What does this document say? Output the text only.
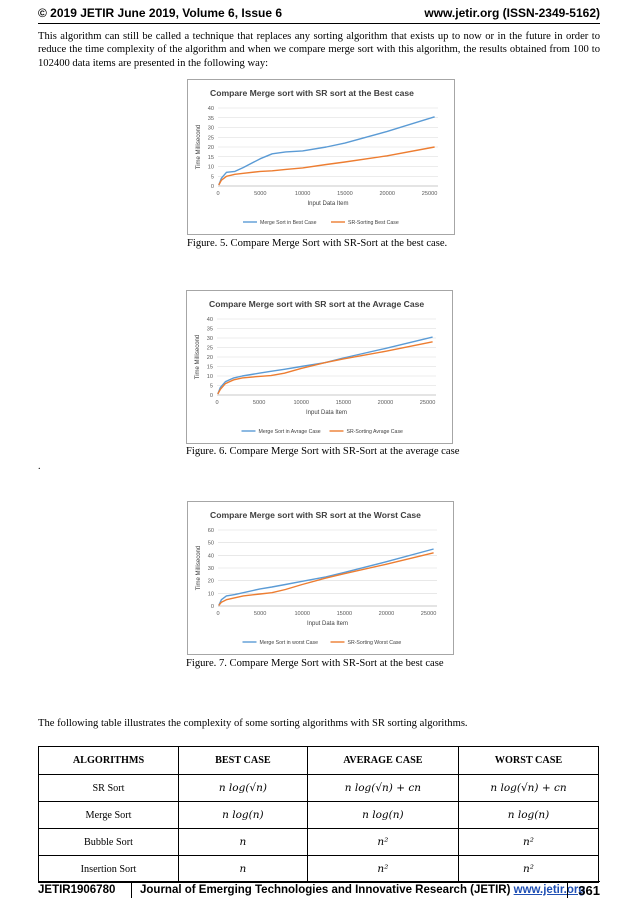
© 2019 JETIR June 2019, Volume 6, Issue 6	www.jetir.org (ISSN-2349-5162)
This algorithm can still be called a technique that replaces any sorting algorithm that exists up to now or in the future in order to reduce the time complexity of the algorithm and when we compare merge sort with this algorithm, the results obtained from 100 to 102400 data items are presented in the following way:
Compare Merge sort with SR sort at the Best case
0
5
10
15
20
25
30
35
40
0	5000	10000	15000	20000	25000
Input Data Item
Time Millisecond
Merge Sort in Best Case	SR-Sorting Best Case
Figure. 5. Compare Merge Sort with SR-Sort at the best case.
Compare Merge sort with SR sort at the Avrage Case
0
5
10
15
20
25
30
35
40
0	5000	10000	15000	20000	25000
Input Data Item
Time Millisecond
Merge Sort in Avrage Case	SR-Sorting Avrage Case
Figure. 6. Compare Merge Sort with SR-Sort at the average case
.
Compare Merge sort with SR sort at the Worst Case
0
10
20
30
40
50
60
0	5000	10000	15000	20000	25000
Input Data Item
Time Millisecond
Merge Sort in worst Case	SR-Sorting Worst Case
Figure. 7. Compare Merge Sort with SR-Sort at the best case
The following table illustrates the complexity of some sorting algorithms with SR sorting algorithms.
ALGORITHMS	BEST CASE	AVERAGE CASE	WORST CASE
SR Sort	n log(√n)	n log(√n) + cn	n log(√n) + cn
Merge Sort	n log(n)	n log(n)	n log(n)
Bubble Sort	n	n²	n²
Insertion Sort	n	n²	n²
JETIR1906780 Journal of Emerging Technologies and Innovative Research (JETIR) www.jetir.org
361
